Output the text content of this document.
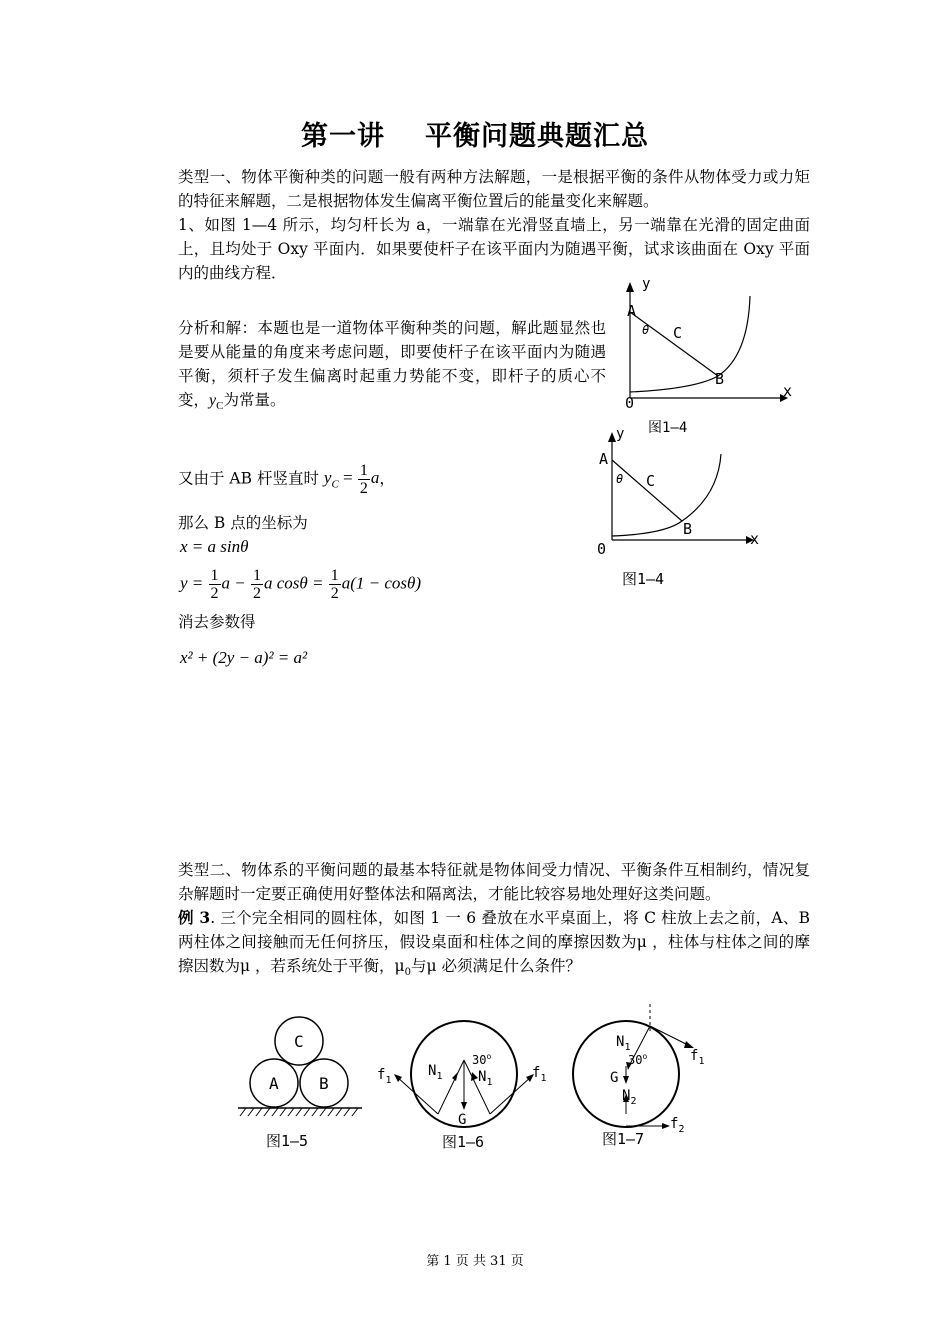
第一讲 平衡问题典题汇总
类型一、物体平衡种类的问题一般有两种方法解题，一是根据平衡的条件从物体受力或力矩的特征来解题，二是根据物体发生偏离平衡位置后的能量变化来解题。
1、如图 1—4 所示，均匀杆长为 a，一端靠在光滑竖直墙上，另一端靠在光滑的固定曲面上，且均处于 Oxy 平面内．如果要使杆子在该平面内为随遇平衡，试求该曲面在 Oxy 平面内的曲线方程．
分析和解：本题也是一道物体平衡种类的问题，解此题显然也是要从能量的角度来考虑问题，即要使杆子在该平面内为随遇平衡，须杆子发生偏离时起重力势能不变，即杆子的质心不变，$y_C$为常量。
又由于 AB 杆竖直时 $y_C = \frac{1}{2}$ a，
那么 B 点的坐标为
x = a sinθ
$y = \frac{1}{2}$ $a - \frac{1}{2}$ a $\cos\theta = \frac{1}{2} a(1 - \cos\theta)$
消去参数得
x² + (2y − a)² = a²
类型二、物体系的平衡问题的最基本特征就是物体间受力情况、平衡条件互相制约，情况复杂解题时一定要正确使用好整体法和隔离法，才能比较容易地处理好这类问题。
例 3. 三个完全相同的圆柱体，如图 1 一 6 叠放在水平桌面上，将 C 柱放上去之前，A、B 两柱体之间接触而无任何挤压，假设桌面和柱体之间的摩擦因数为μ ，柱体与柱体之间的摩擦因数为μ ，若系统处于平衡，$\mu_0$与μ 必须满足什么条件？
y
x
0
A
B
C
θ
图1—4
y
x
0
A
B
C
θ
图1—4
C
A	B
图1—5
$f_1$	$f_1$
$N_1$	$N_1$
30$^o$
G
图1—6
$N_1$
30$^o$
G
$N_2$
$f_1$
$f_2$
图1—7
第 1 页 共 31 页
